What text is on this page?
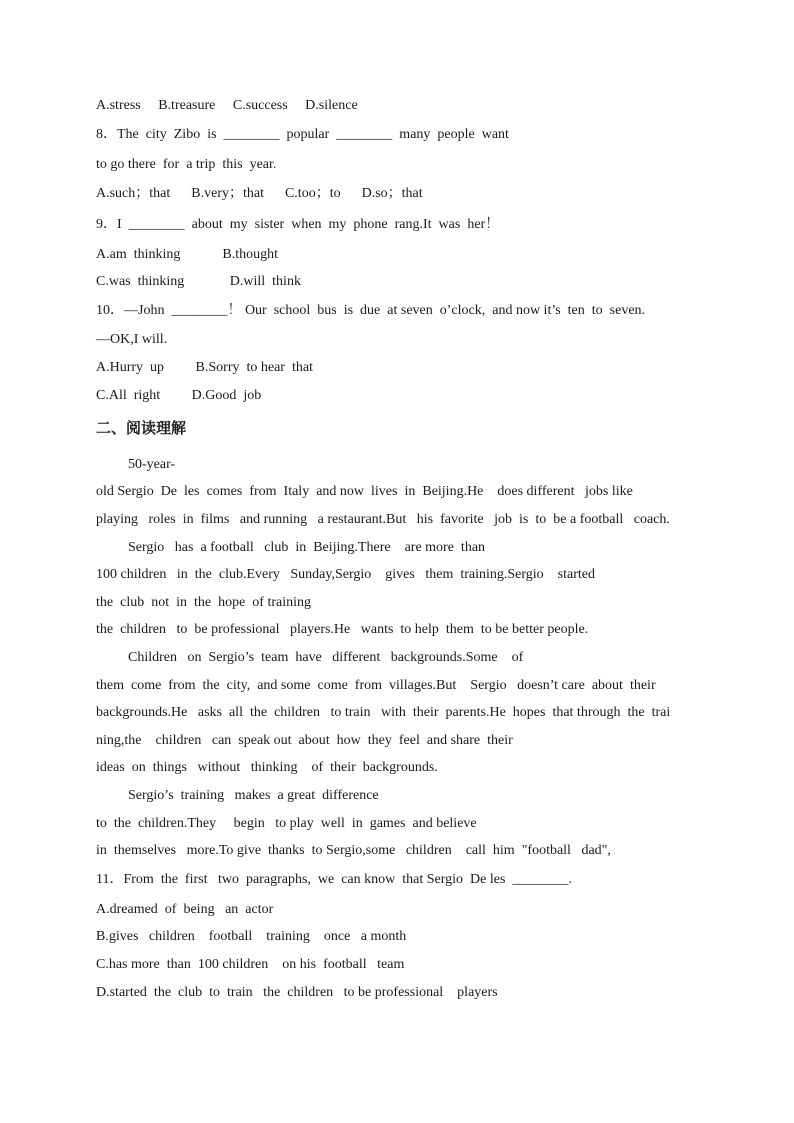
A.stress     B.treasure     C.success     D.silence

8．The  city  Zibo  is  ________  popular  ________  many  people  want

to go there  for  a trip  this  year.

A.such；that      B.very；that      C.too；to      D.so；that

9．I  ________  about  my  sister  when  my  phone  rang.It  was  her！

A.am  thinking            B.thought

C.was  thinking             D.will  think

10．—John  ________！ Our  school  bus  is  due  at seven  o’clock,  and now it’s  ten  to  seven.

—OK,I will.

A.Hurry  up         B.Sorry  to hear  that

C.All  right         D.Good  job

二、阅读理解

50-year-

old Sergio  De  les  comes  from  Italy  and now  lives  in  Beijing.He    does different   jobs like

playing   roles  in  films   and running   a restaurant.But   his  favorite   job  is  to  be a football   coach.

Sergio   has  a football   club  in  Beijing.There    are more  than

100 children   in  the  club.Every   Sunday,Sergio    gives   them  training.Sergio    started

the  club  not  in  the  hope  of training

the  children   to  be professional   players.He   wants  to help  them  to be better people.

Children   on  Sergio’s  team  have   different   backgrounds.Some    of

them  come  from  the  city,  and some  come  from  villages.But    Sergio   doesn’t care  about  their

backgrounds.He   asks  all  the  children   to train   with  their  parents.He  hopes  that through  the  trai

ning,the    children   can  speak out  about  how  they  feel  and share  their

ideas  on  things   without   thinking    of  their  backgrounds.

Sergio’s  training   makes  a great  difference

to  the  children.They     begin   to play  well  in  games  and believe

in  themselves   more.To give  thanks  to Sergio,some   children    call  him  "football   dad",

11．From  the  first   two  paragraphs,  we  can know  that Sergio  De les  ________.

A.dreamed  of  being   an  actor

B.gives   children    football    training    once   a month

C.has more  than  100 children    on his  football   team

D.started  the  club  to  train   the  children   to be professional    players
